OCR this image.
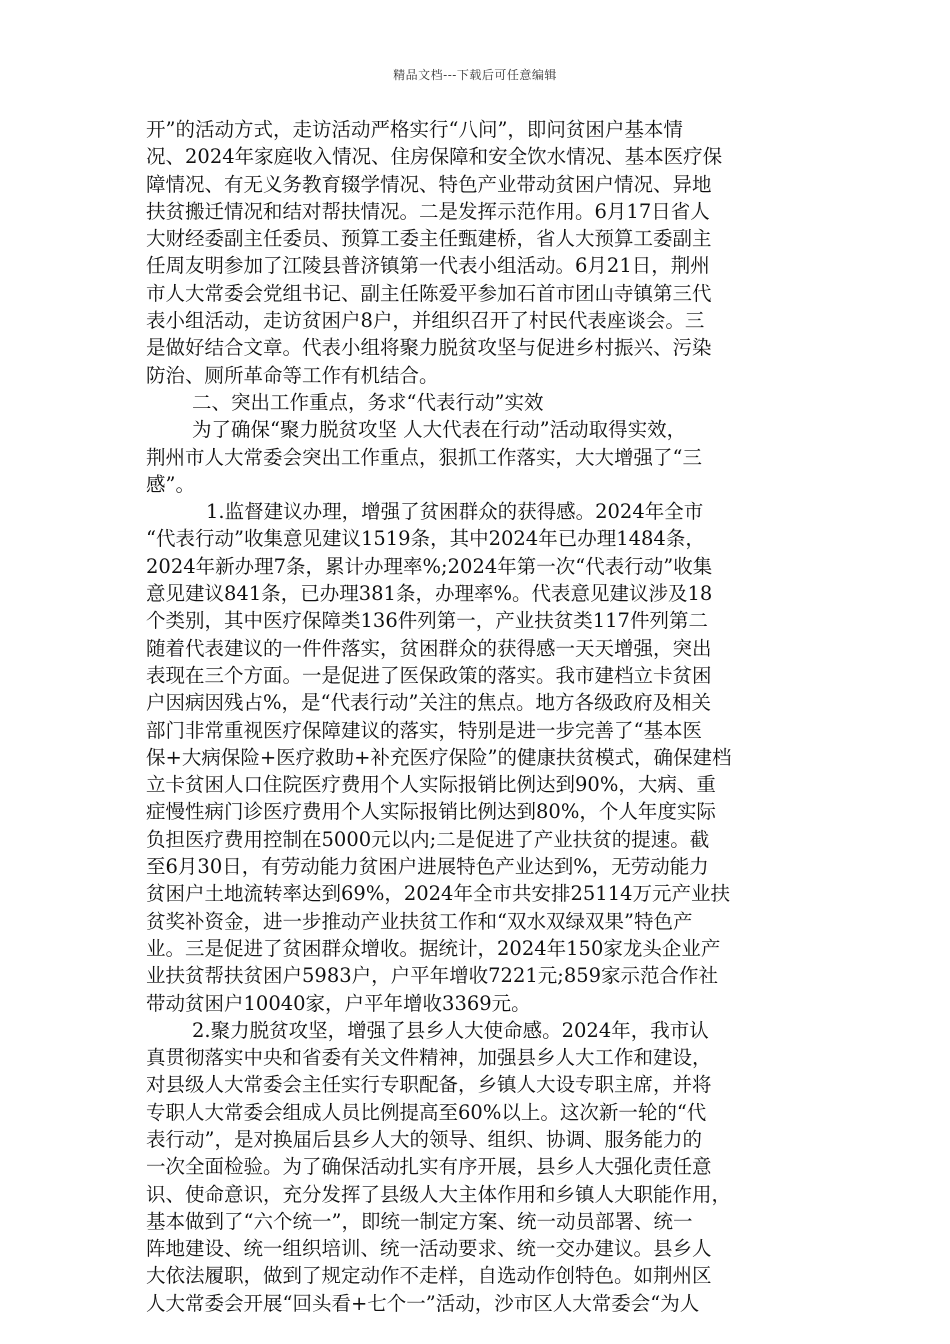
精品文档---下载后可任意编辑
开”的活动方式，走访活动严格实行“八问”，即问贫困户基本情
况、2024年家庭收入情况、住房保障和安全饮水情况、基本医疗保
障情况、有无义务教育辍学情况、特色产业带动贫困户情况、异地
扶贫搬迁情况和结对帮扶情况。二是发挥示范作用。6月17日省人
大财经委副主任委员、预算工委主任甄建桥，省人大预算工委副主
任周友明参加了江陵县普济镇第一代表小组活动。6月21日，荆州
市人大常委会党组书记、副主任陈爱平参加石首市团山寺镇第三代
表小组活动，走访贫困户8户，并组织召开了村民代表座谈会。三
是做好结合文章。代表小组将聚力脱贫攻坚与促进乡村振兴、污染
防治、厕所革命等工作有机结合。
二、突出工作重点，务求“代表行动”实效
为了确保“聚力脱贫攻坚 人大代表在行动”活动取得实效，
荆州市人大常委会突出工作重点，狠抓工作落实，大大增强了“三
感”。
1.监督建议办理，增强了贫困群众的获得感。2024年全市
“代表行动”收集意见建议1519条，其中2024年已办理1484条，
2024年新办理7条，累计办理率%;2024年第一次“代表行动”收集
意见建议841条，已办理381条，办理率%。代表意见建议涉及18
个类别，其中医疗保障类136件列第一，产业扶贫类117件列第二
随着代表建议的一件件落实，贫困群众的获得感一天天增强，突出
表现在三个方面。一是促进了医保政策的落实。我市建档立卡贫困
户因病因残占%，是“代表行动”关注的焦点。地方各级政府及相关
部门非常重视医疗保障建议的落实，特别是进一步完善了“基本医
保+大病保险+医疗救助+补充医疗保险”的健康扶贫模式，确保建档
立卡贫困人口住院医疗费用个人实际报销比例达到90%，大病、重
症慢性病门诊医疗费用个人实际报销比例达到80%，个人年度实际
负担医疗费用控制在5000元以内;二是促进了产业扶贫的提速。截
至6月30日，有劳动能力贫困户进展特色产业达到%，无劳动能力
贫困户土地流转率达到69%，2024年全市共安排25114万元产业扶
贫奖补资金，进一步推动产业扶贫工作和“双水双绿双果”特色产
业。三是促进了贫困群众增收。据统计，2024年150家龙头企业产
业扶贫帮扶贫困户5983户，户平年增收7221元;859家示范合作社
带动贫困户10040家，户平年增收3369元。
2.聚力脱贫攻坚，增强了县乡人大使命感。2024年，我市认
真贯彻落实中央和省委有关文件精神，加强县乡人大工作和建设，
对县级人大常委会主任实行专职配备，乡镇人大设专职主席，并将
专职人大常委会组成人员比例提高至60%以上。这次新一轮的“代
表行动”，是对换届后县乡人大的领导、组织、协调、服务能力的
一次全面检验。为了确保活动扎实有序开展，县乡人大强化责任意
识、使命意识，充分发挥了县级人大主体作用和乡镇人大职能作用，
基本做到了“六个统一”，即统一制定方案、统一动员部署、统一
阵地建设、统一组织培训、统一活动要求、统一交办建议。县乡人
大依法履职，做到了规定动作不走样，自选动作创特色。如荆州区
人大常委会开展“回头看+七个一”活动，沙市区人大常委会“为人
